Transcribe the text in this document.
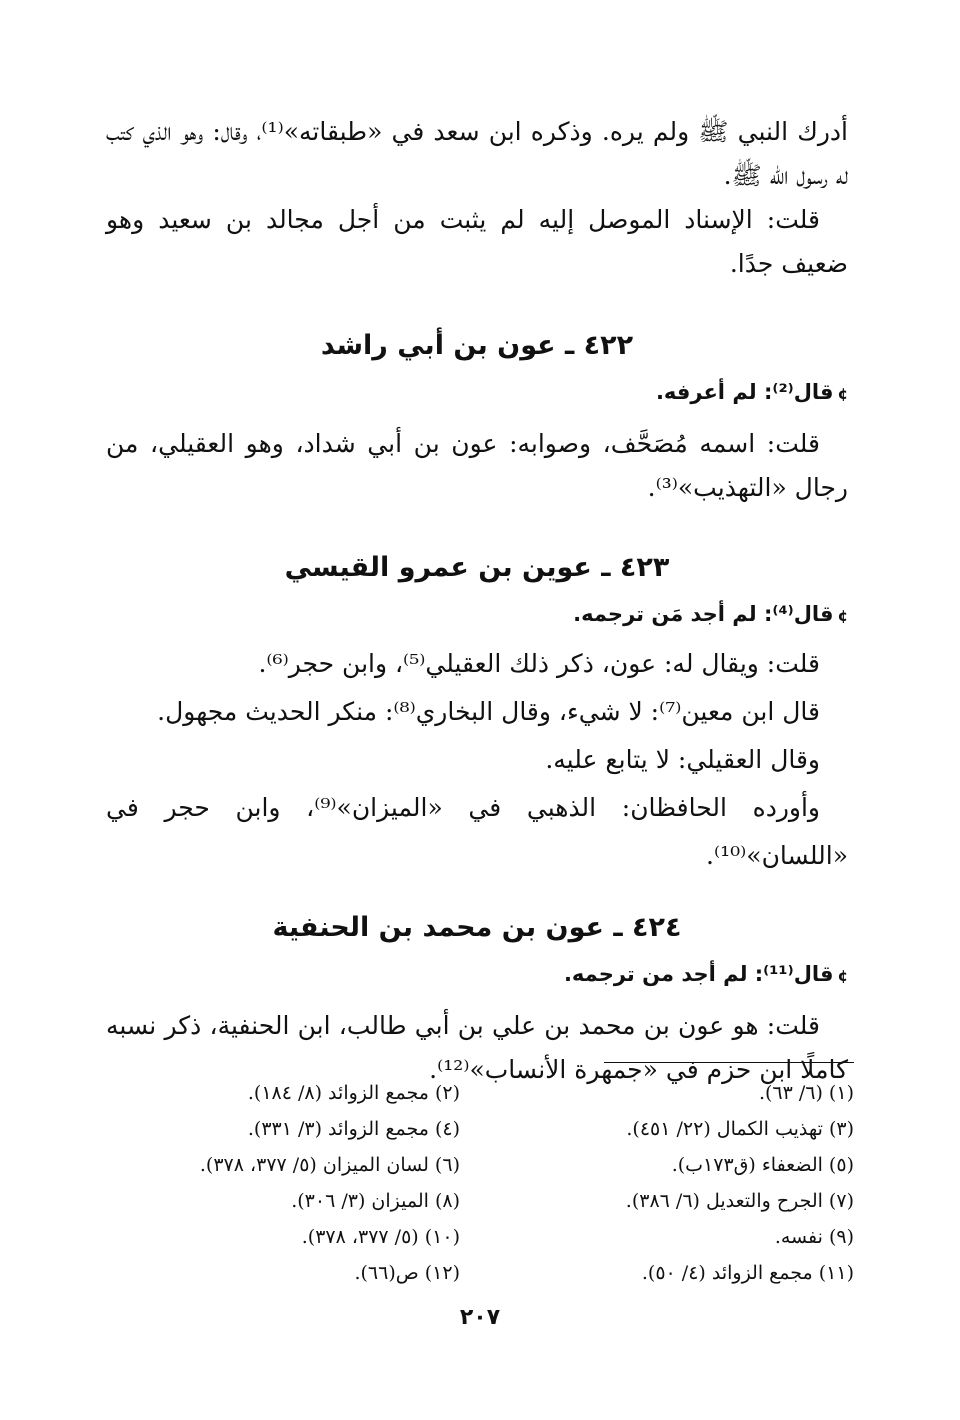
أدرك النبي ﷺ ولم يره. وذكره ابن سعد في «طبقاته»⁽¹⁾، وقال: وهو الذي كتب له رسول الله ﷺ.

قلت: الإسناد الموصل إليه لم يثبت من أجل مجالد بن سعيد وهو ضعيف جدًا.

٤٢٢ ـ عون بن أبي راشد
¢قال⁽²⁾: لم أعرفه.

قلت: اسمه مُصَحَّف، وصوابه: عون بن أبي شداد، وهو العقيلي، من رجال «التهذيب»⁽³⁾.

٤٢٣ ـ عوين بن عمرو القيسي
¢قال⁽⁴⁾: لم أجد مَن ترجمه.

قلت: ويقال له: عون، ذكر ذلك العقيلي⁽⁵⁾، وابن حجر⁽⁶⁾.

قال ابن معين⁽⁷⁾: لا شيء، وقال البخاري⁽⁸⁾: منكر الحديث مجهول.

وقال العقيلي: لا يتابع عليه.

وأورده الحافظان: الذهبي في «الميزان»⁽⁹⁾، وابن حجر في «اللسان»⁽¹⁰⁾.

٤٢٤ ـ عون بن محمد بن الحنفية
¢قال⁽¹¹⁾: لم أجد من ترجمه.

قلت: هو عون بن محمد بن علي بن أبي طالب، ابن الحنفية، ذكر نسبه كاملًا ابن حزم في «جمهرة الأنساب»⁽¹²⁾.

(١) (٦/ ٦٣).
(٣) تهذيب الكمال (٢٢/ ٤٥١).
(٥) الضعفاء (ق١٧٣ب).
(٧) الجرح والتعديل (٦/ ٣٨٦).
(٩) نفسه.
(١١) مجمع الزوائد (٤/ ٥٠).
(٢) مجمع الزوائد (٨/ ١٨٤).
(٤) مجمع الزوائد (٣/ ٣٣١).
(٦) لسان الميزان (٥/ ٣٧٧، ٣٧٨).
(٨) الميزان (٣/ ٣٠٦).
(١٠) (٥/ ٣٧٧، ٣٧٨).
(١٢) ص(٦٦).
٢٠٧
